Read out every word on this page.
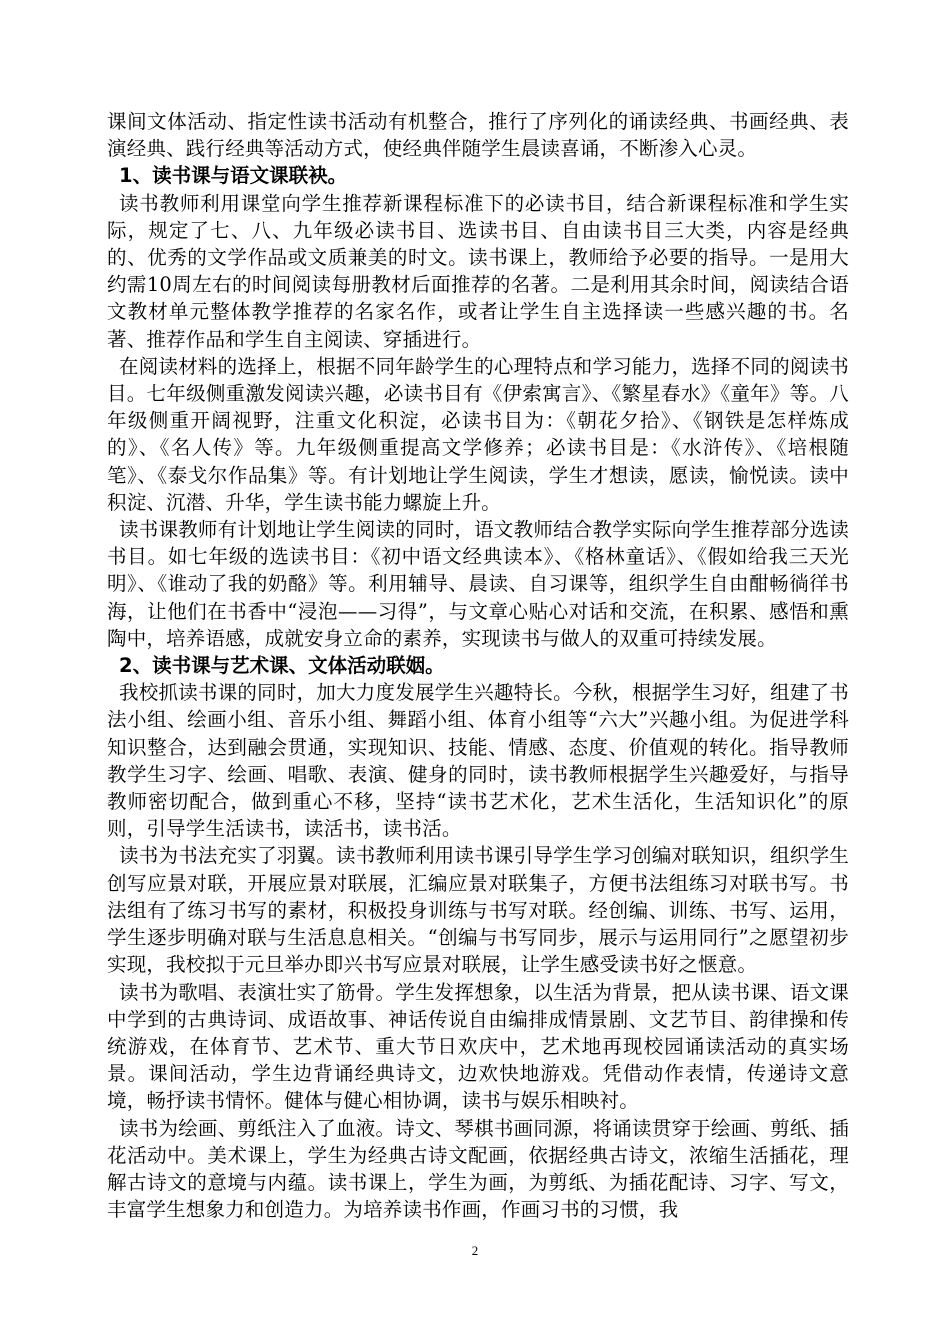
课间文体活动、指定性读书活动有机整合，推行了序列化的诵读经典、书画经典、表演经典、践行经典等活动方式，使经典伴随学生晨读喜诵，不断渗入心灵。

1、读书课与语文课联袂。

读书教师利用课堂向学生推荐新课程标准下的必读书目，结合新课程标准和学生实际，规定了七、八、九年级必读书目、选读书目、自由读书目三大类，内容是经典的、优秀的文学作品或文质兼美的时文。读书课上，教师给予必要的指导。一是用大约需10周左右的时间阅读每册教材后面推荐的名著。二是利用其余时间，阅读结合语文教材单元整体教学推荐的名家名作，或者让学生自主选择读一些感兴趣的书。名著、推荐作品和学生自主阅读、穿插进行。

在阅读材料的选择上，根据不同年龄学生的心理特点和学习能力，选择不同的阅读书目。七年级侧重激发阅读兴趣，必读书目有《伊索寓言》、《繁星春水》《童年》等。八年级侧重开阔视野，注重文化积淀，必读书目为：《朝花夕拾》、《钢铁是怎样炼成的》、《名人传》等。九年级侧重提高文学修养；必读书目是：《水浒传》、《培根随笔》、《泰戈尔作品集》等。有计划地让学生阅读，学生才想读，愿读，愉悦读。读中积淀、沉潜、升华，学生读书能力螺旋上升。

读书课教师有计划地让学生阅读的同时，语文教师结合教学实际向学生推荐部分选读书目。如七年级的选读书目：《初中语文经典读本》、《格林童话》、《假如给我三天光明》、《谁动了我的奶酪》等。利用辅导、晨读、自习课等，组织学生自由酣畅徜徉书海，让他们在书香中“浸泡——习得”，与文章心贴心对话和交流，在积累、感悟和熏陶中，培养语感，成就安身立命的素养，实现读书与做人的双重可持续发展。

2、读书课与艺术课、文体活动联姻。

我校抓读书课的同时，加大力度发展学生兴趣特长。今秋，根据学生习好，组建了书法小组、绘画小组、音乐小组、舞蹈小组、体育小组等“六大”兴趣小组。为促进学科知识整合，达到融会贯通，实现知识、技能、情感、态度、价值观的转化。指导教师教学生习字、绘画、唱歌、表演、健身的同时，读书教师根据学生兴趣爱好，与指导教师密切配合，做到重心不移，坚持“读书艺术化，艺术生活化，生活知识化”的原则，引导学生活读书，读活书，读书活。

读书为书法充实了羽翼。读书教师利用读书课引导学生学习创编对联知识，组织学生创写应景对联，开展应景对联展，汇编应景对联集子，方便书法组练习对联书写。书法组有了练习书写的素材，积极投身训练与书写对联。经创编、训练、书写、运用，学生逐步明确对联与生活息息相关。“创编与书写同步，展示与运用同行”之愿望初步实现，我校拟于元旦举办即兴书写应景对联展，让学生感受读书好之惬意。

读书为歌唱、表演壮实了筋骨。学生发挥想象，以生活为背景，把从读书课、语文课中学到的古典诗词、成语故事、神话传说自由编排成情景剧、文艺节目、韵律操和传统游戏，在体育节、艺术节、重大节日欢庆中，艺术地再现校园诵读活动的真实场景。课间活动，学生边背诵经典诗文，边欢快地游戏。凭借动作表情，传递诗文意境，畅抒读书情怀。健体与健心相协调，读书与娱乐相映衬。

读书为绘画、剪纸注入了血液。诗文、琴棋书画同源，将诵读贯穿于绘画、剪纸、插花活动中。美术课上，学生为经典古诗文配画，依据经典古诗文，浓缩生活插花，理解古诗文的意境与内蕴。读书课上，学生为画，为剪纸、为插花配诗、习字、写文，丰富学生想象力和创造力。为培养读书作画，作画习书的习惯，我

2
